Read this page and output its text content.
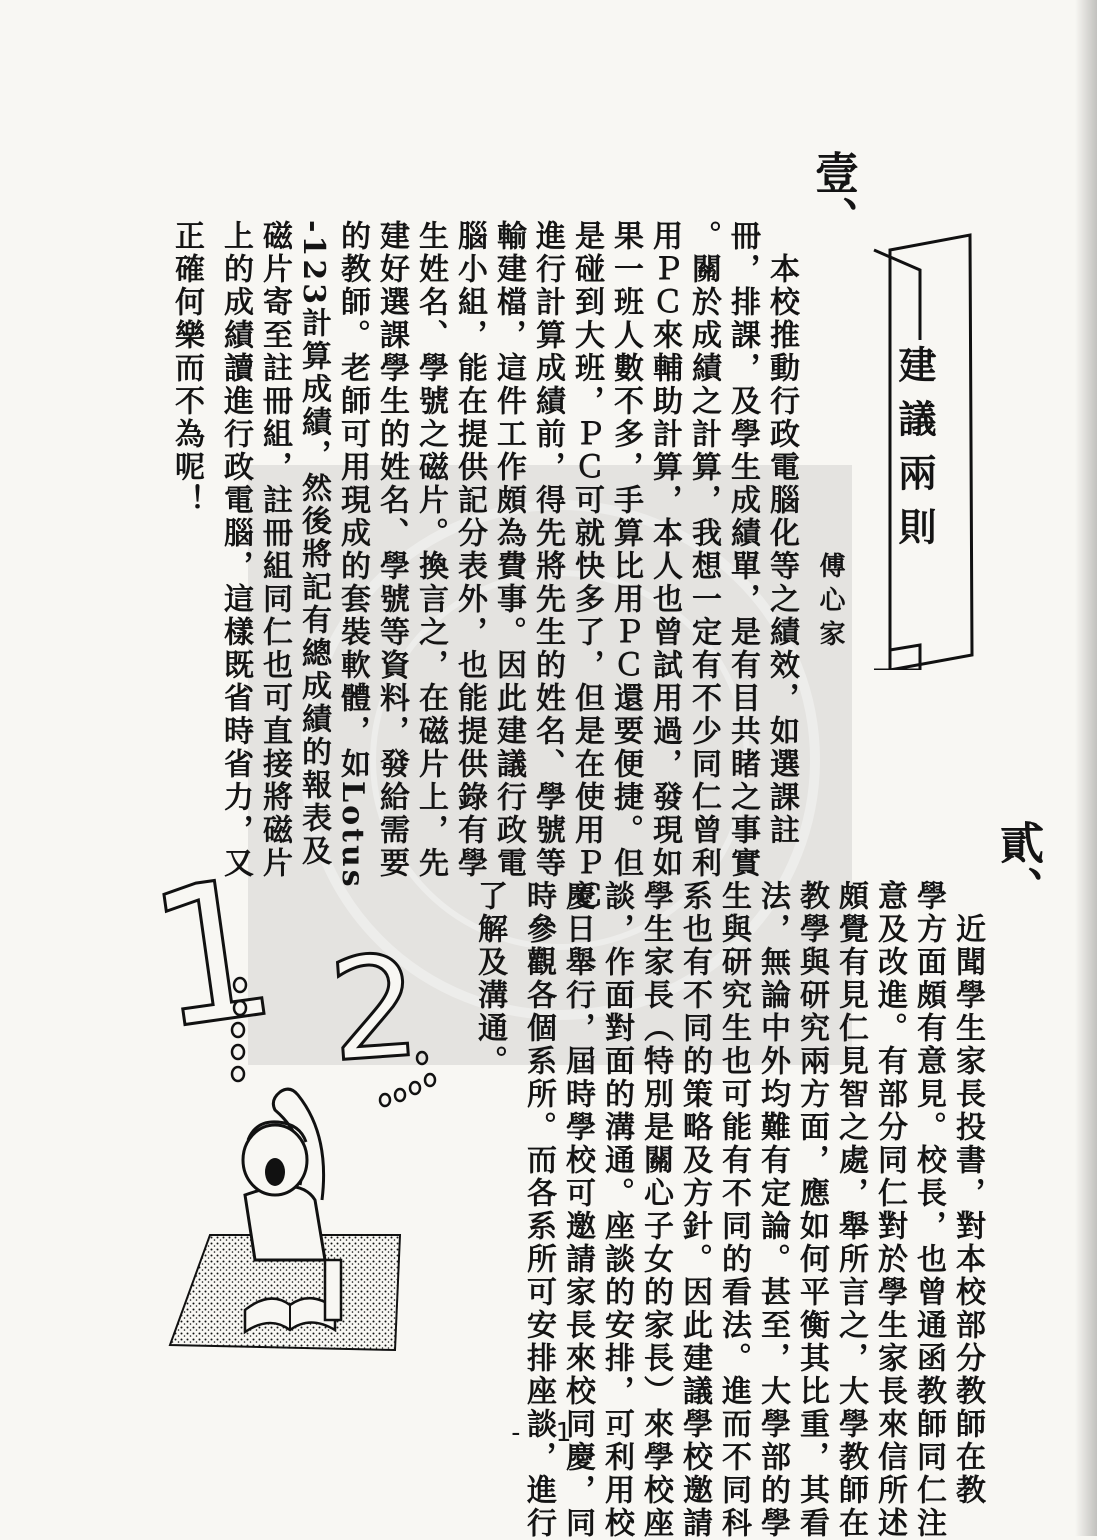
壹、
建議兩則
傅心家
　本校推動行政電腦化等之績效，如選課註
冊，排課，及學生成績單，是有目共睹之事實
。關於成績之計算，我想一定有不少同仁曾利
用ＰＣ來輔助計算，本人也曾試用過，發現如
果一班人數不多，手算比用ＰＣ還要便捷。但
是碰到大班，ＰＣ可就快多了，但是在使用ＰＣ
進行計算成績前，得先將先生的姓名、學號等
輸建檔，這件工作頗為費事。因此建議行政電
腦小組，能在提供記分表外，也能提供錄有學
生姓名、學號之磁片。換言之，在磁片上，先
建好選課學生的姓名、學號等資料，發給需要
的教師。老師可用現成的套裝軟體，如Lotus
-123計算成績，然後將記有總成績的報表及
磁片寄至註冊組，註冊組同仁也可直接將磁片
上的成績讀進行政電腦，這樣既省時省力，又
正確何樂而不為呢！
貳、
　近聞學生家長投書，對本校部分教師在教
學方面頗有意見。校長，也曾通函教師同仁注
意及改進。有部分同仁對於學生家長來信所述
頗覺有見仁見智之處，舉所言之，大學教師在
教學與研究兩方面，應如何平衡其比重，其看
法，無論中外均難有定論。甚至，大學部的學
生與研究生也可能有不同的看法。進而不同科
系也有不同的策略及方針。因此建議學校邀請
學生家長（特別是關心子女的家長）來學校座
談，作面對面的溝通。座談的安排，可利用校
慶日舉行，屆時學校可邀請家長來校同慶，同
時參觀各個系所。而各系所可安排座談，進行
了解及溝通。
1 2
- 1 -
